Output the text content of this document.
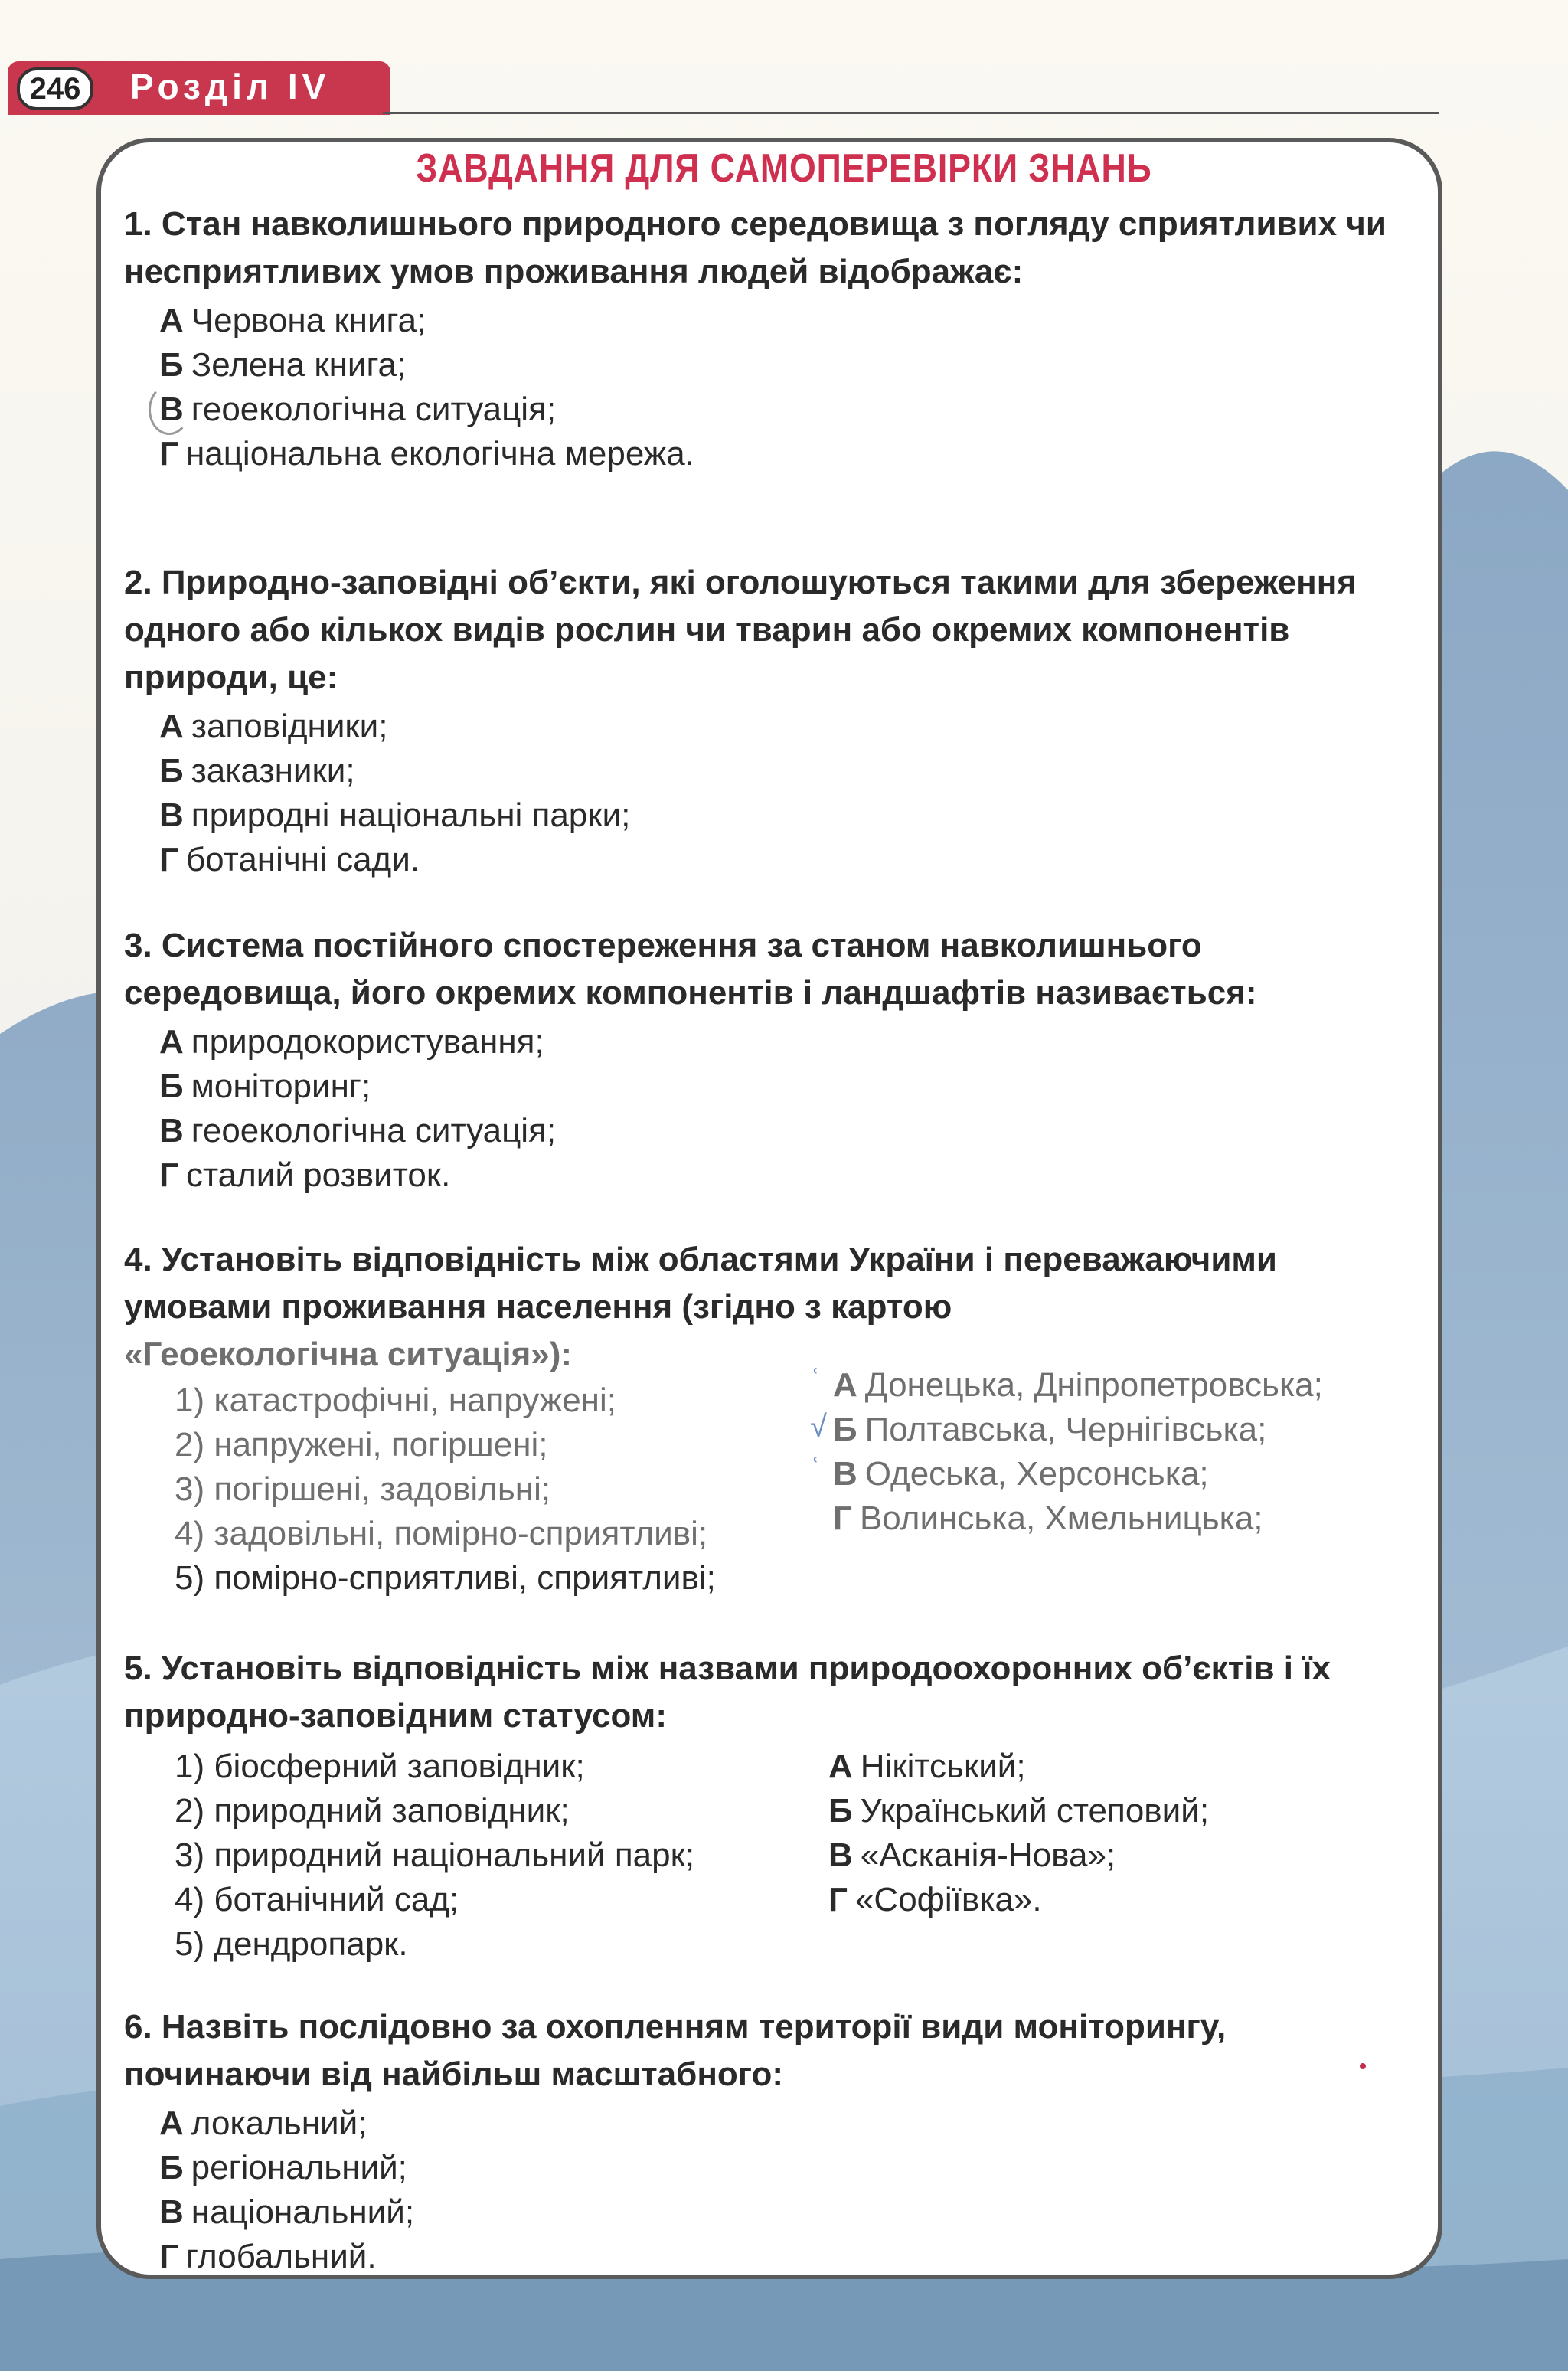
246	Розділ IV
ЗАВДАННЯ ДЛЯ САМОПЕРЕВІРКИ ЗНАНЬ

1. Стан навколишнього природного середовища з погляду сприятливих чи несприятливих умов проживання людей відображає:

А Червона книга;
Б Зелена книга;
В геоекологічна ситуація;
Г національна екологічна мережа.

2. Природно-заповідні об’єкти, які оголошуються такими для збереження одного або кількох видів рослин чи тварин або окремих компонентів природи, це:

А заповідники;
Б заказники;
В природні національні парки;
Г ботанічні сади.

3. Система постійного спостереження за станом навколишнього середовища, його окремих компонентів і ландшафтів називається:

А природокористування;
Б моніторинг;
В геоекологічна ситуація;
Г сталий розвиток.

4. Установіть відповідність між областями України і переважаючими умовами проживання населення (згідно з картою
«Геоекологічна ситуація»):

1) катастрофічні, напружені;
2) напружені, погіршені;
3) погіршені, задовільні;
4) задовільні, помірно-сприятливі;
5) помірно-сприятливі, сприятливі;
ʿ А Донецька, Дніпропетровська;
√ Б Полтавська, Чернігівська;
ʿ В Одеська, Херсонська;
Г Волинська, Хмельницька;

5. Установіть відповідність між назвами природоохоронних об’єктів і їх природно-заповідним статусом:

1) біосферний заповідник;
2) природний заповідник;
3) природний національний парк;
4) ботанічний сад;
5) дендропарк.
А Нікітський;
Б Український степовий;
В «Асканія-Нова»;
Г «Софіївка».

6. Назвіть послідовно за охопленням території види моніторингу, починаючи від найбільш масштабного:

А локальний;
Б регіональний;
В національний;
Г глобальний.
